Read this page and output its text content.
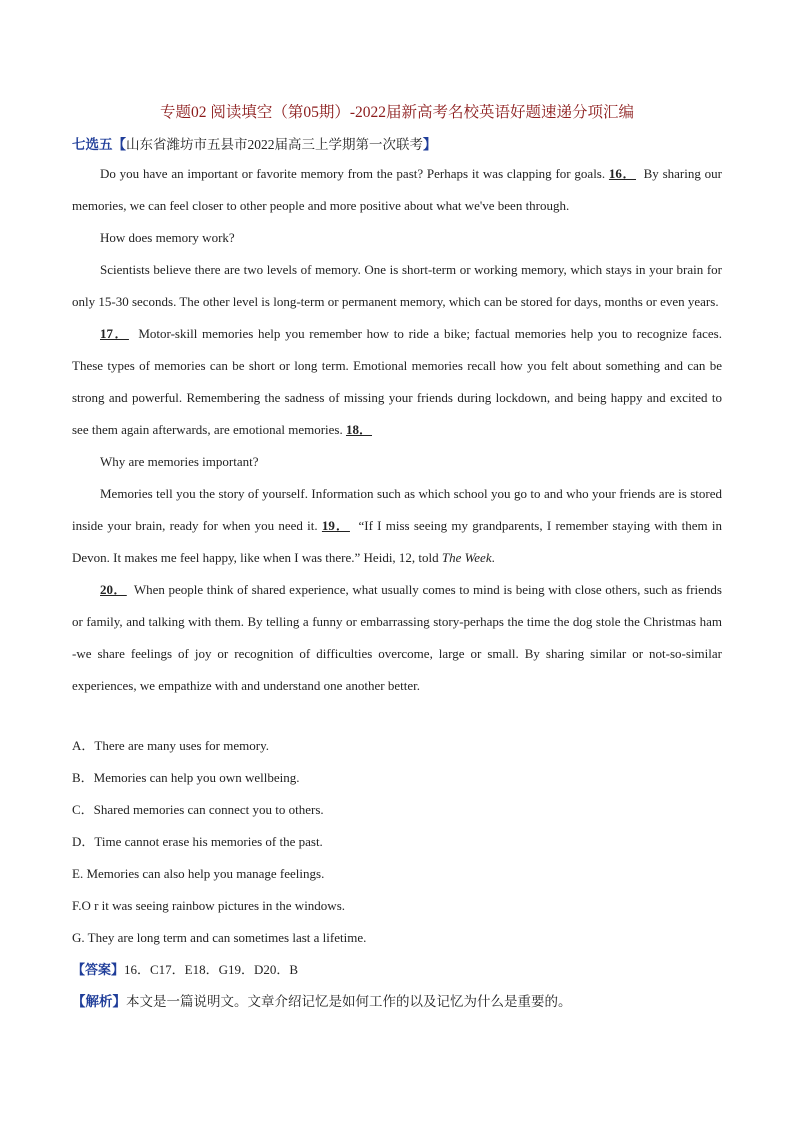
专题02 阅读填空（第05期）-2022届新高考名校英语好题速递分项汇编
七选五【山东省潍坊市五县市2022届高三上学期第一次联考】

Do you have an important or favorite memory from the past? Perhaps it was clapping for goals. 16． By sharing our memories, we can feel closer to other people and more positive about what we've been through.

How does memory work?

Scientists believe there are two levels of memory. One is short-term or working memory, which stays in your brain for only 15-30 seconds. The other level is long-term or permanent memory, which can be stored for days, months or even years.

17． Motor-skill memories help you remember how to ride a bike; factual memories help you to recognize faces. These types of memories can be short or long term. Emotional memories recall how you felt about something and can be strong and powerful. Remembering the sadness of missing your friends during lockdown, and being happy and excited to see them again afterwards, are emotional memories. 18．

Why are memories important?

Memories tell you the story of yourself. Information such as which school you go to and who your friends are is stored inside your brain, ready for when you need it. 19． “If I miss seeing my grandparents, I remember staying with them in Devon. It makes me feel happy, like when I was there.” Heidi, 12, told The Week.

20． When people think of shared experience, what usually comes to mind is being with close others, such as friends or family, and talking with them. By telling a funny or embarrassing story-perhaps the time the dog stole the Christmas ham -we share feelings of joy or recognition of difficulties overcome, large or small. By sharing similar or not-so-similar experiences, we empathize with and understand one another better.

A．There are many uses for memory.
B．Memories can help you own wellbeing.
C．Shared memories can connect you to others.
D．Time cannot erase his memories of the past.
E. Memories can also help you manage feelings.
F.O r it was seeing rainbow pictures in the windows.
G. They are long term and can sometimes last a lifetime.
【答案】16．C17．E18．G19．D20．B
【解析】本文是一篇说明文。文章介绍记忆是如何工作的以及记忆为什么是重要的。
